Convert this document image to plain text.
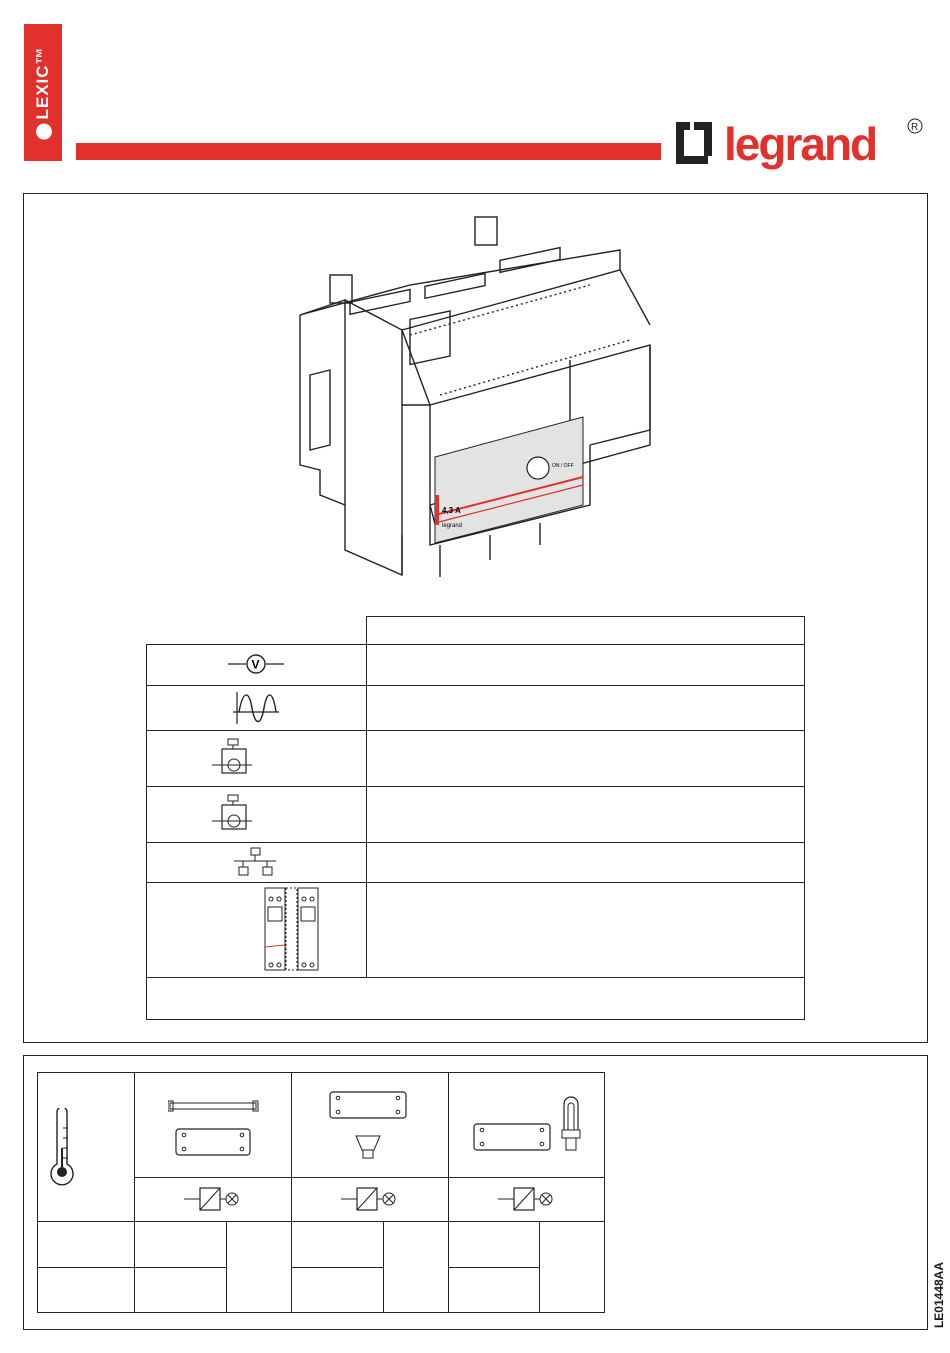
LEXIC™
legrand	R
ON / OFF
4,3 A
legrand
V
LE01448AA
